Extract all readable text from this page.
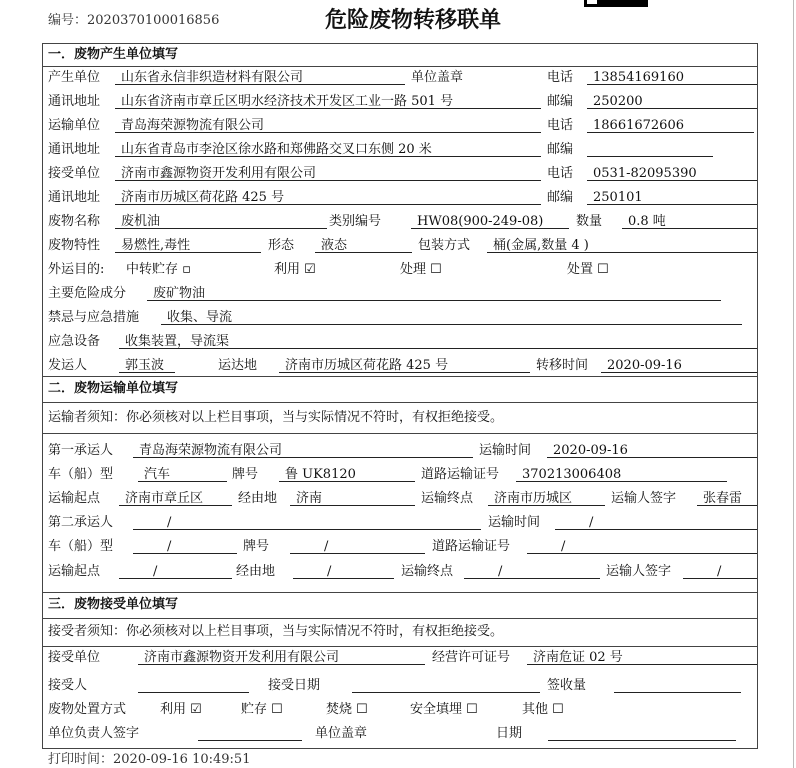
编号：2020370100016856	危险废物转移联单
一．废物产生单位填写
产生单位	山东省永信非织造材料有限公司	单位盖章	电话	13854169160
通讯地址	山东省济南市章丘区明水经济技术开发区工业一路 501 号	邮编	250200
运输单位	青岛海荣源物流有限公司	电话	18661672606
通讯地址	山东省青岛市李沧区徐水路和郑佛路交叉口东侧 20 米	邮编
接受单位	济南市鑫源物资开发利用有限公司	电话	0531-82095390
通讯地址	济南市历城区荷花路 425 号	邮编	250101
废物名称	废机油	类别编号	HW08(900-249-08)	数量	0.8 吨
废物特性	易燃性,毒性	形态	液态	包装方式	桶(金属,数量 4 )
外运目的: 中转贮存 ▫	利用 ☑	处理 ☐	处置 ☐
主要危险成分	废矿物油
禁忌与应急措施	收集、导流
应急设备	收集装置，导流渠
发运人	郭玉波	运达地	济南市历城区荷花路 425 号	转移时间	2020-09-16
二．废物运输单位填写
运输者须知：你必须核对以上栏目事项，当与实际情况不符时，有权拒绝接受。
第一承运人	青岛海荣源物流有限公司	运输时间	2020-09-16
车（船）型	汽车	牌号	鲁 UK8120	道路运输证号	370213006408
运输起点	济南市章丘区	经由地	济南	运输终点	济南市历城区	运输人签字	张春雷
第二承运人	/	运输时间	/
车（船）型	/	牌号	/	道路运输证号	/
运输起点	/	经由地	/	运输终点	/	运输人签字	/
三．废物接受单位填写
接受者须知：你必须核对以上栏目事项，当与实际情况不符时，有权拒绝接受。
接受单位	济南市鑫源物资开发利用有限公司	经营许可证号	济南危证 02 号
接受人	接受日期	签收量
废物处置方式	利用 ☑	贮存 ☐	焚烧 ☐	安全填埋 ☐	其他 ☐
单位负责人签字	单位盖章	日期
打印时间：2020-09-16 10:49:51
